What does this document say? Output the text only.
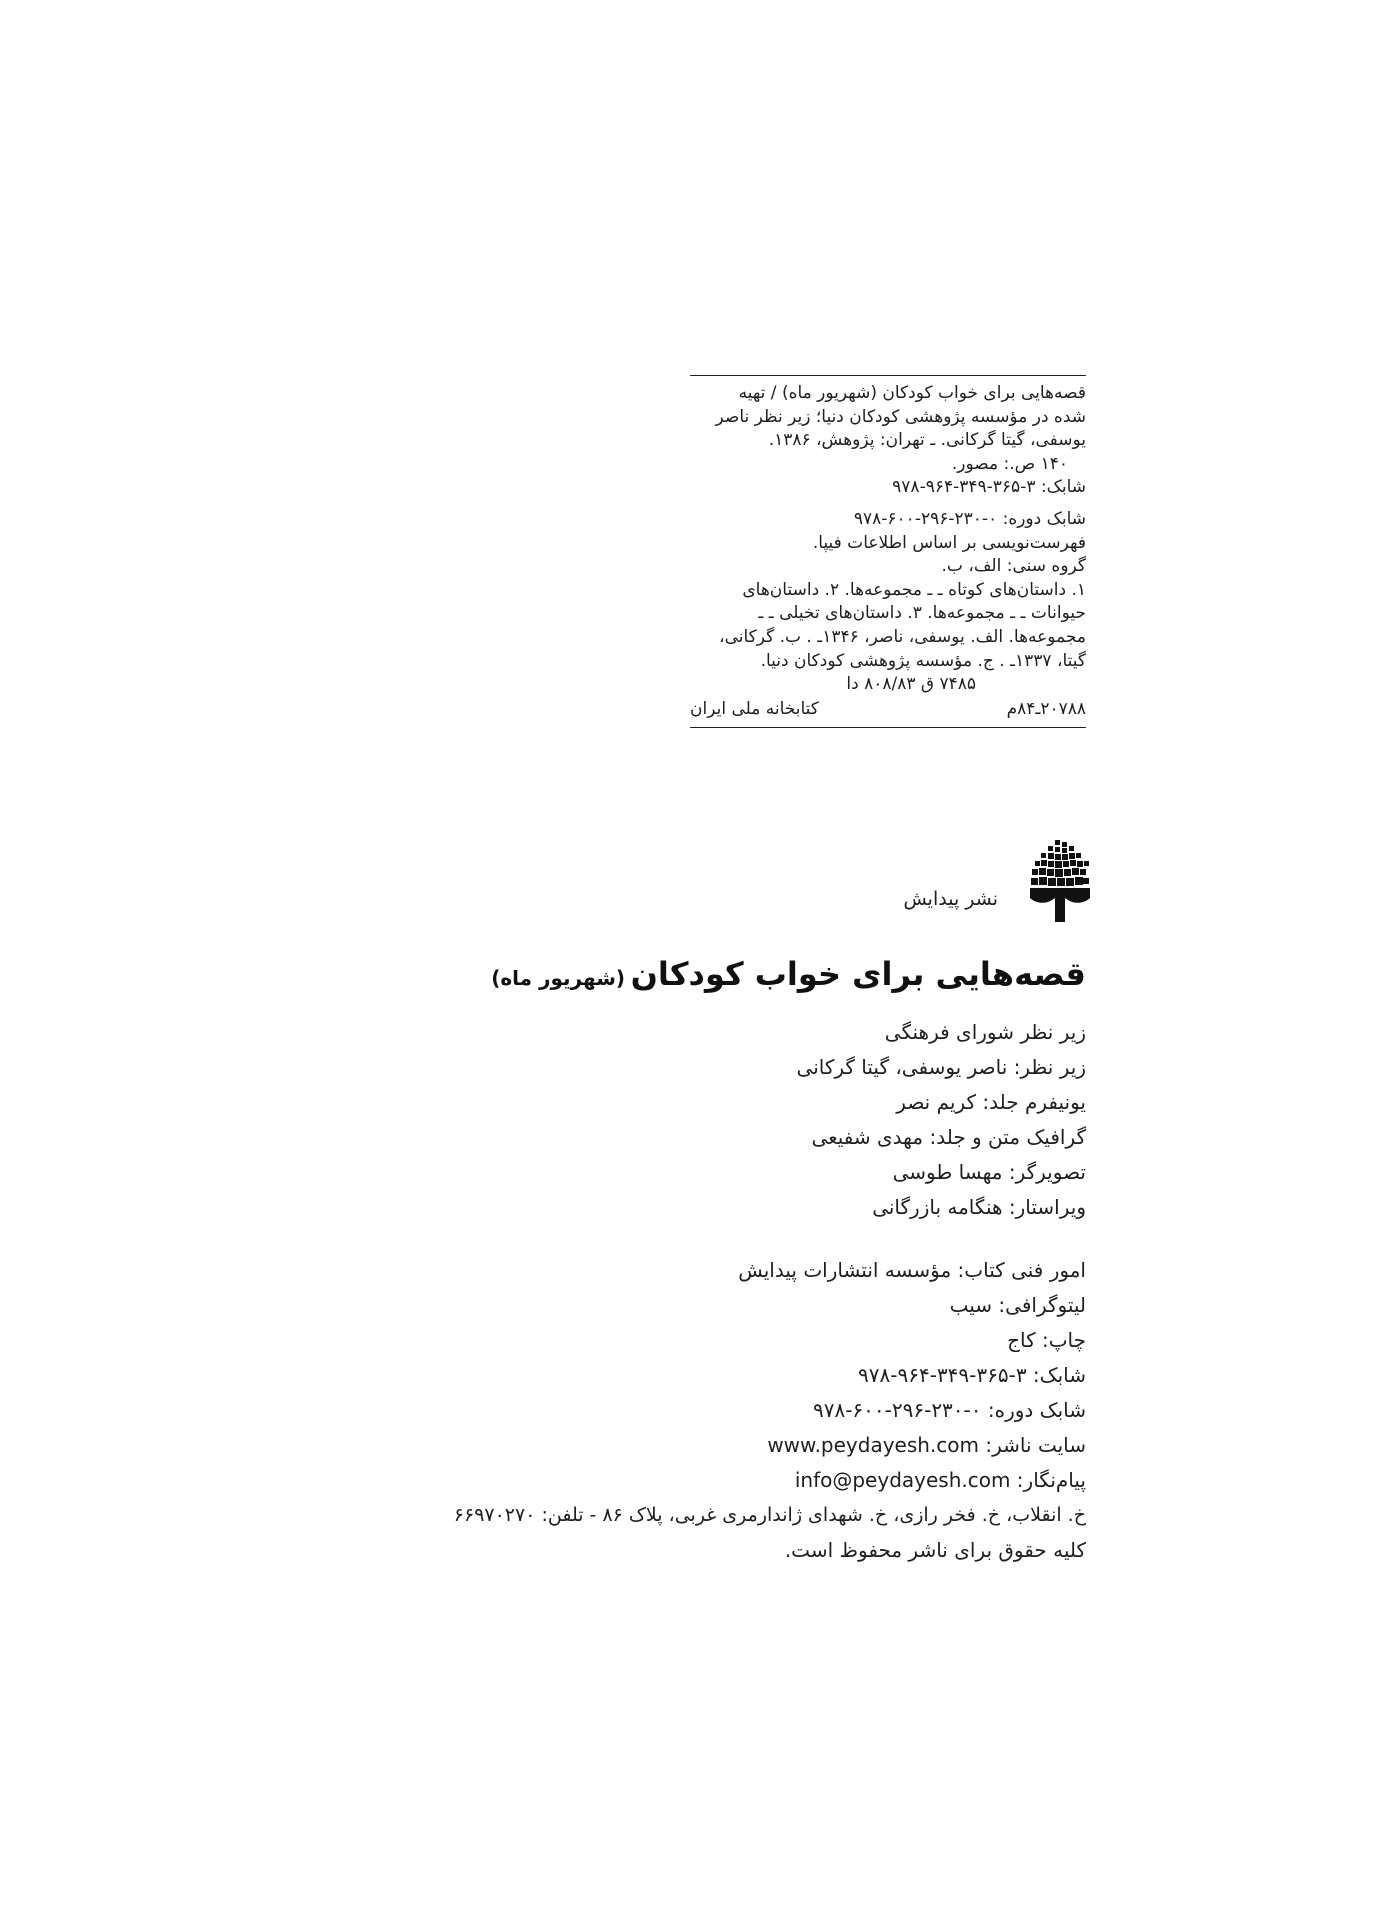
قصه‌هایی برای خواب کودکان (شهریور ماه) / تهیه
شده در مؤسسه پژوهشی کودکان دنیا؛ زیر نظر ناصر
یوسفی، گیتا گرکانی. ـ تهران: پژوهش، ۱۳۸۶.
۱۴۰ ص.: مصور.
شابک: ۳-۳۶۵-۳۴۹-۹۶۴-۹۷۸
شابک دوره: ۰-۲۳۰-۲۹۶-۶۰۰-۹۷۸
فهرست‌نویسی بر اساس اطلاعات فیپا.
گروه سنی: الف، ب.
۱. داستان‌های کوتاه ـ ـ مجموعه‌ها. ۲. داستان‌های
حیوانات ـ ـ مجموعه‌ها. ۳. داستان‌های تخیلی ـ ـ
مجموعه‌ها. الف. یوسفی، ناصر، ۱۳۴۶ـ . ب. گرکانی،
گیتا، ۱۳۳۷ـ . ج. مؤسسه پژوهشی کودکان دنیا.
۷۴۸۵ ق ۸۰۸/۸۳ دا
کتابخانه ملی ایران	۲۰۷۸۸ـ۸۴م
نشر پیدایش
قصه‌هایی برای خواب کودکان (شهریور ماه)
زیر نظر شورای فرهنگی
زیر نظر: ناصر یوسفی، گیتا گرکانی
یونیفرم جلد: کریم نصر
گرافیک متن و جلد: مهدی شفیعی
تصویرگر: مهسا طوسی
ویراستار: هنگامه بازرگانی
امور فنی کتاب: مؤسسه انتشارات پیدایش
لیتوگرافی: سیب
چاپ: کاج
شابک: ۳-۳۶۵-۳۴۹-۹۶۴-۹۷۸
شابک دوره: ۰-۲۳۰-۲۹۶-۶۰۰-۹۷۸
سایت ناشر: www.peydayesh.com
پیام‌نگار: info@peydayesh.com
خ. انقلاب، خ. فخر رازی، خ. شهدای ژاندارمری غربی، پلاک ۸۶ - تلفن: ۶۶۹۷۰۲۷۰
کلیه حقوق برای ناشر محفوظ است.
